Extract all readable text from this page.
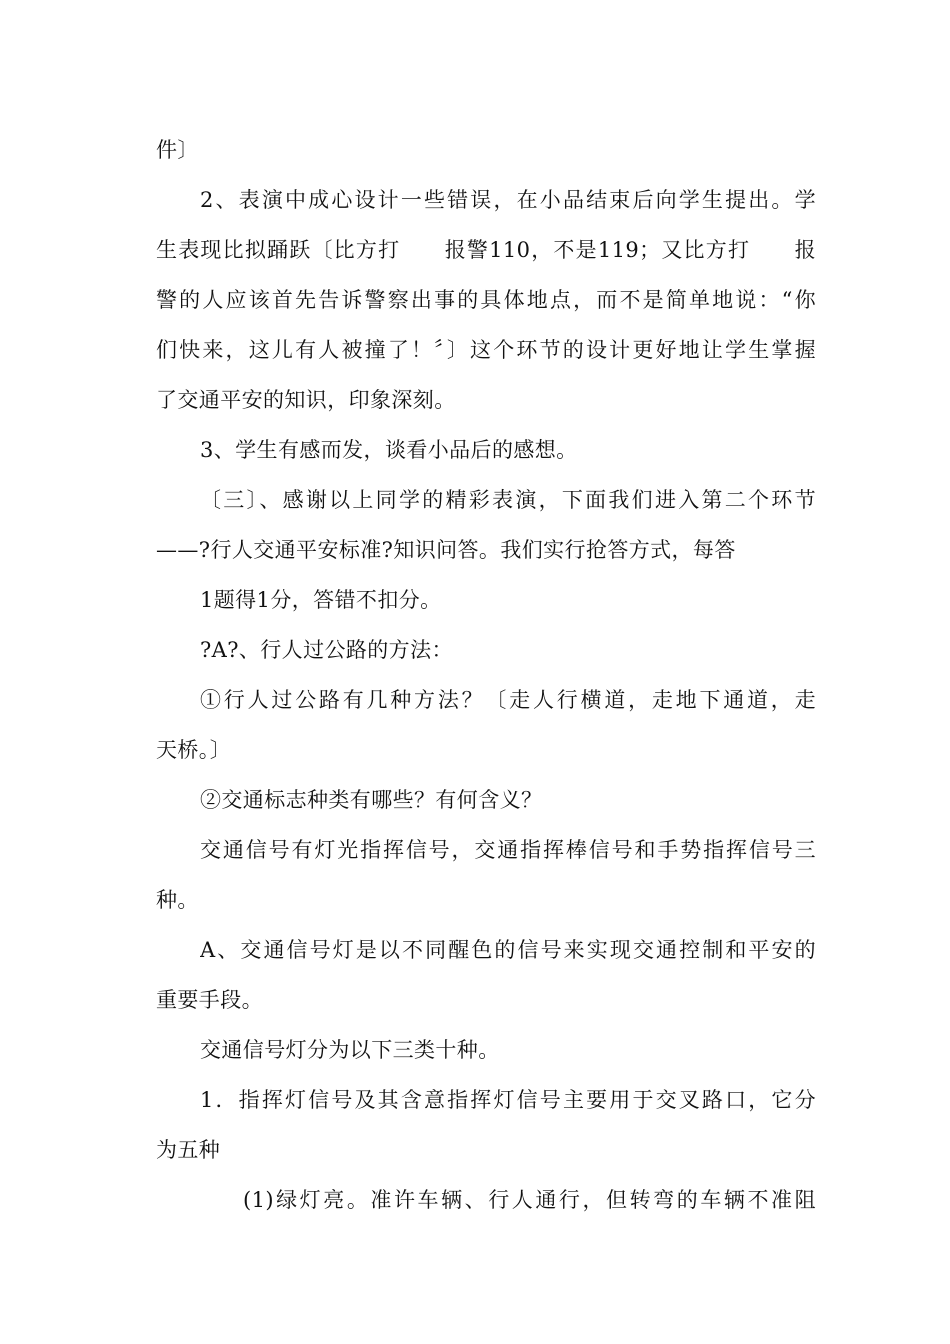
件〕
2、表演中成心设计一些错误，在小品结束后向学生提出。学
生表现比拟踊跃〔比方打　　报警110，不是119；又比方打　　报
警的人应该首先告诉警察出事的具体地点，而不是简单地说：“你
们快来，这儿有人被撞了！〞〕这个环节的设计更好地让学生掌握
了交通平安的知识，印象深刻。
3、学生有感而发，谈看小品后的感想。
〔三〕、感谢以上同学的精彩表演，下面我们进入第二个环节
——?行人交通平安标准?知识问答。我们实行抢答方式，每答
1题得1分，答错不扣分。
?A?、行人过公路的方法：
①行人过公路有几种方法？〔走人行横道，走地下通道，走
天桥。〕
②交通标志种类有哪些？有何含义？
交通信号有灯光指挥信号，交通指挥棒信号和手势指挥信号三
种。
A、交通信号灯是以不同醒色的信号来实现交通控制和平安的
重要手段。
交通信号灯分为以下三类十种。
1．指挥灯信号及其含意指挥灯信号主要用于交叉路口，它分
为五种
(1)绿灯亮。准许车辆、行人通行，但转弯的车辆不准阻
